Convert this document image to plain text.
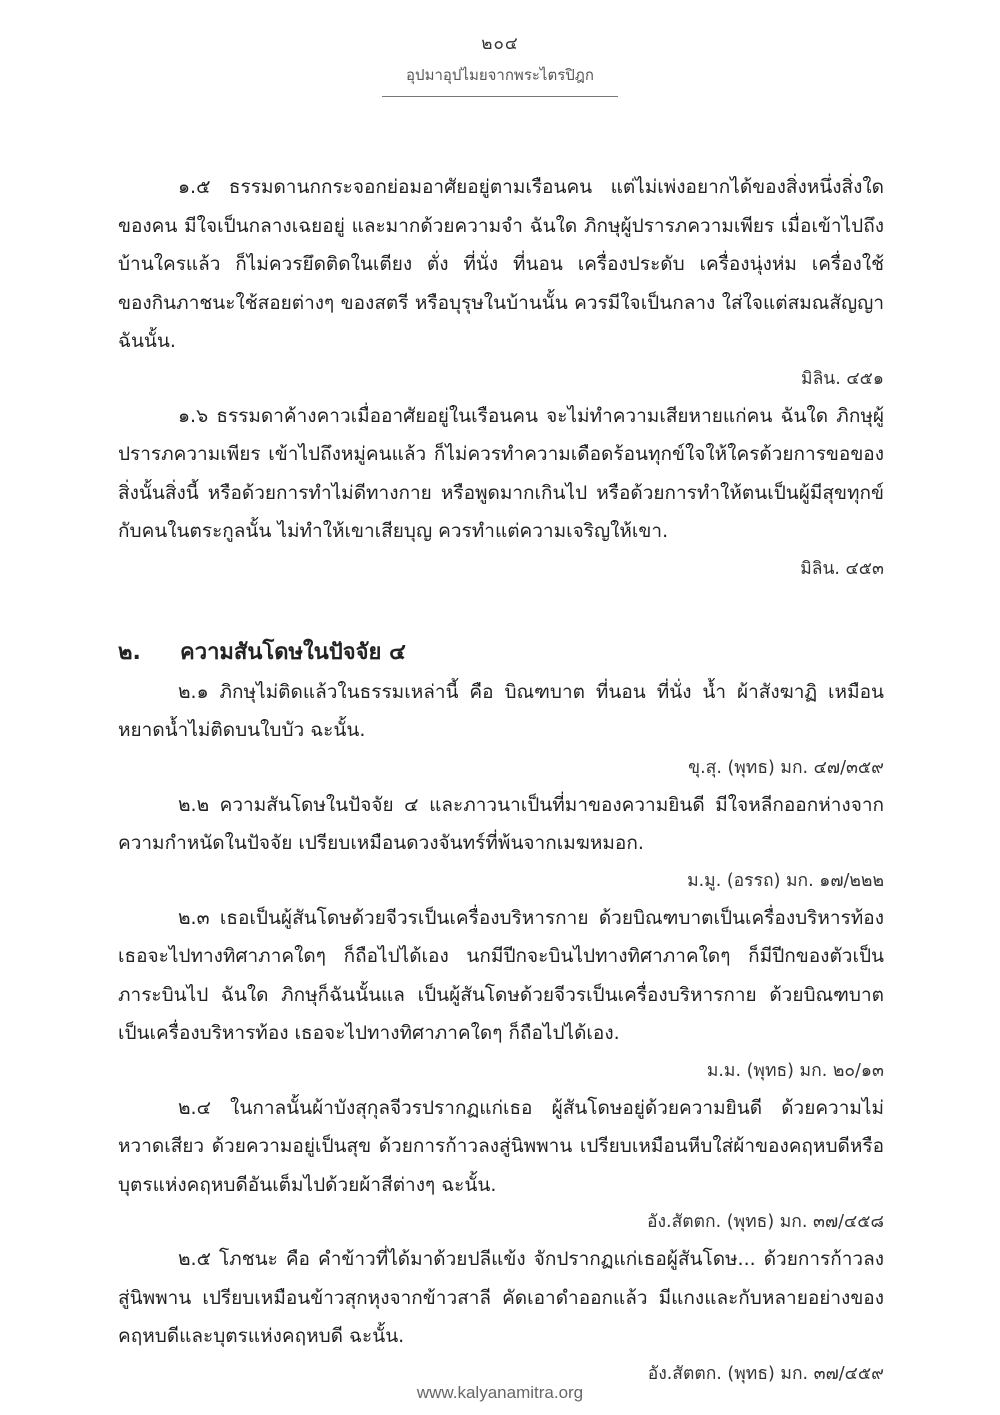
๒๐๔
อุปมาอุปไมยจากพระไตรปิฎก

๑.๕ ธรรมดานกกระจอกย่อมอาศัยอยู่ตามเรือนคน แต่ไม่เพ่งอยากได้ของสิ่งหนึ่งสิ่งใดของคน มีใจเป็นกลางเฉยอยู่ และมากด้วยความจำ ฉันใด ภิกษุผู้ปรารภความเพียร เมื่อเข้าไปถึงบ้านใครแล้ว ก็ไม่ควรยึดติดในเตียง ตั่ง ที่นั่ง ที่นอน เครื่องประดับ เครื่องนุ่งห่ม เครื่องใช้ ของกินภาชนะใช้สอยต่างๆ ของสตรี หรือบุรุษในบ้านนั้น ควรมีใจเป็นกลาง ใส่ใจแต่สมณสัญญา ฉันนั้น.

มิลิน. ๔๕๑

๑.๖ ธรรมดาค้างคาวเมื่ออาศัยอยู่ในเรือนคน จะไม่ทำความเสียหายแก่คน ฉันใด ภิกษุผู้ปรารภความเพียร เข้าไปถึงหมู่คนแล้ว ก็ไม่ควรทำความเดือดร้อนทุกข์ใจให้ใครด้วยการขอของสิ่งนั้นสิ่งนี้ หรือด้วยการทำไม่ดีทางกาย หรือพูดมากเกินไป หรือด้วยการทำให้ตนเป็นผู้มีสุขทุกข์กับคนในตระกูลนั้น ไม่ทำให้เขาเสียบุญ ควรทำแต่ความเจริญให้เขา.

มิลิน. ๔๕๓

๒.	ความสันโดษในปัจจัย ๔

๒.๑ ภิกษุไม่ติดแล้วในธรรมเหล่านี้ คือ บิณฑบาต ที่นอน ที่นั่ง น้ำ ผ้าสังฆาฏิ เหมือนหยาดน้ำไม่ติดบนใบบัว ฉะนั้น.

ขุ.สุ. (พุทธ) มก. ๔๗/๓๕๙

๒.๒ ความสันโดษในปัจจัย ๔ และภาวนาเป็นที่มาของความยินดี มีใจหลีกออกห่างจากความกำหนัดในปัจจัย เปรียบเหมือนดวงจันทร์ที่พ้นจากเมฆหมอก.

ม.มู. (อรรถ) มก. ๑๗/๒๒๒

๒.๓ เธอเป็นผู้สันโดษด้วยจีวรเป็นเครื่องบริหารกาย ด้วยบิณฑบาตเป็นเครื่องบริหารท้อง เธอจะไปทางทิศาภาคใดๆ ก็ถือไปได้เอง นกมีปีกจะบินไปทางทิศาภาคใดๆ ก็มีปีกของตัวเป็นภาระบินไป ฉันใด ภิกษุก็ฉันนั้นแล เป็นผู้สันโดษด้วยจีวรเป็นเครื่องบริหารกาย ด้วยบิณฑบาตเป็นเครื่องบริหารท้อง เธอจะไปทางทิศาภาคใดๆ ก็ถือไปได้เอง.

ม.ม. (พุทธ) มก. ๒๐/๑๓

๒.๔ ในกาลนั้นผ้าบังสุกุลจีวรปรากฏแก่เธอ ผู้สันโดษอยู่ด้วยความยินดี ด้วยความไม่หวาดเสียว ด้วยความอยู่เป็นสุข ด้วยการก้าวลงสู่นิพพาน เปรียบเหมือนหีบใส่ผ้าของคฤหบดีหรือบุตรแห่งคฤหบดีอันเต็มไปด้วยผ้าสีต่างๆ ฉะนั้น.

อัง.สัตตก. (พุทธ) มก. ๓๗/๔๕๘

๒.๕ โภชนะ คือ คำข้าวที่ได้มาด้วยปลีแข้ง จักปรากฏแก่เธอผู้สันโดษ... ด้วยการก้าวลงสู่นิพพาน เปรียบเหมือนข้าวสุกหุงจากข้าวสาลี คัดเอาดำออกแล้ว มีแกงและกับหลายอย่างของคฤหบดีและบุตรแห่งคฤหบดี ฉะนั้น.

อัง.สัตตก. (พุทธ) มก. ๓๗/๔๕๙

www.kalyanamitra.org
